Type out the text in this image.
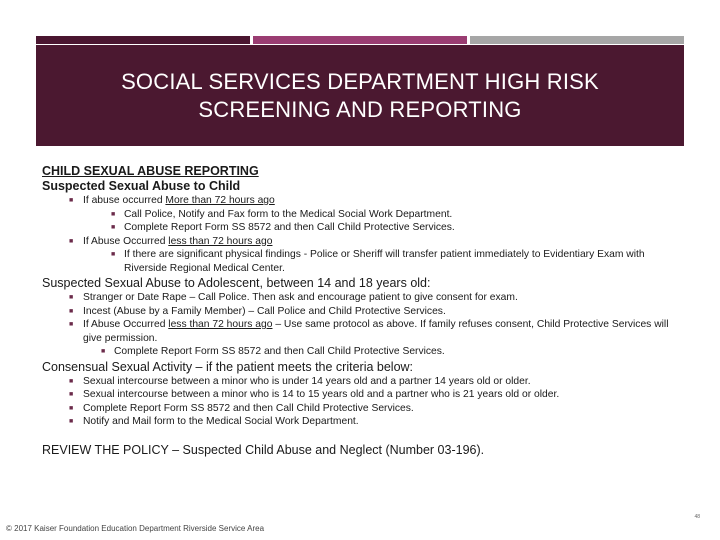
SOCIAL SERVICES DEPARTMENT HIGH RISK
SCREENING AND REPORTING
CHILD SEXUAL ABUSE REPORTING
Suspected Sexual Abuse to Child
■ If abuse occurred More than 72 hours ago
■ Call Police, Notify and Fax form to the Medical Social Work Department.
■ Complete Report Form SS 8572 and then Call Child Protective Services.
■ If Abuse Occurred less than 72 hours ago
■ If there are significant physical findings - Police or Sheriff will transfer patient immediately to Evidentiary Exam with Riverside Regional Medical Center.
Suspected Sexual Abuse to Adolescent, between 14 and 18 years old:
■ Stranger or Date Rape – Call Police. Then ask and encourage patient to give consent for exam.
■ Incest (Abuse by a Family Member) – Call Police and Child Protective Services.
■ If Abuse Occurred less than 72 hours ago – Use same protocol as above. If family refuses consent, Child Protective Services will give permission.
■ Complete Report Form SS 8572 and then Call Child Protective Services.
Consensual Sexual Activity – if the patient meets the criteria below:
■ Sexual intercourse between a minor who is under 14 years old and a partner 14 years old or older.
■ Sexual intercourse between a minor who is 14 to 15 years old and a partner who is 21 years old or older.
■ Complete Report Form SS 8572 and then Call Child Protective Services.
■ Notify and Mail form to the Medical Social Work Department.
REVIEW THE POLICY – Suspected Child Abuse and Neglect (Number 03-196).
© 2017 Kaiser Foundation Education Department Riverside Service Area
48
